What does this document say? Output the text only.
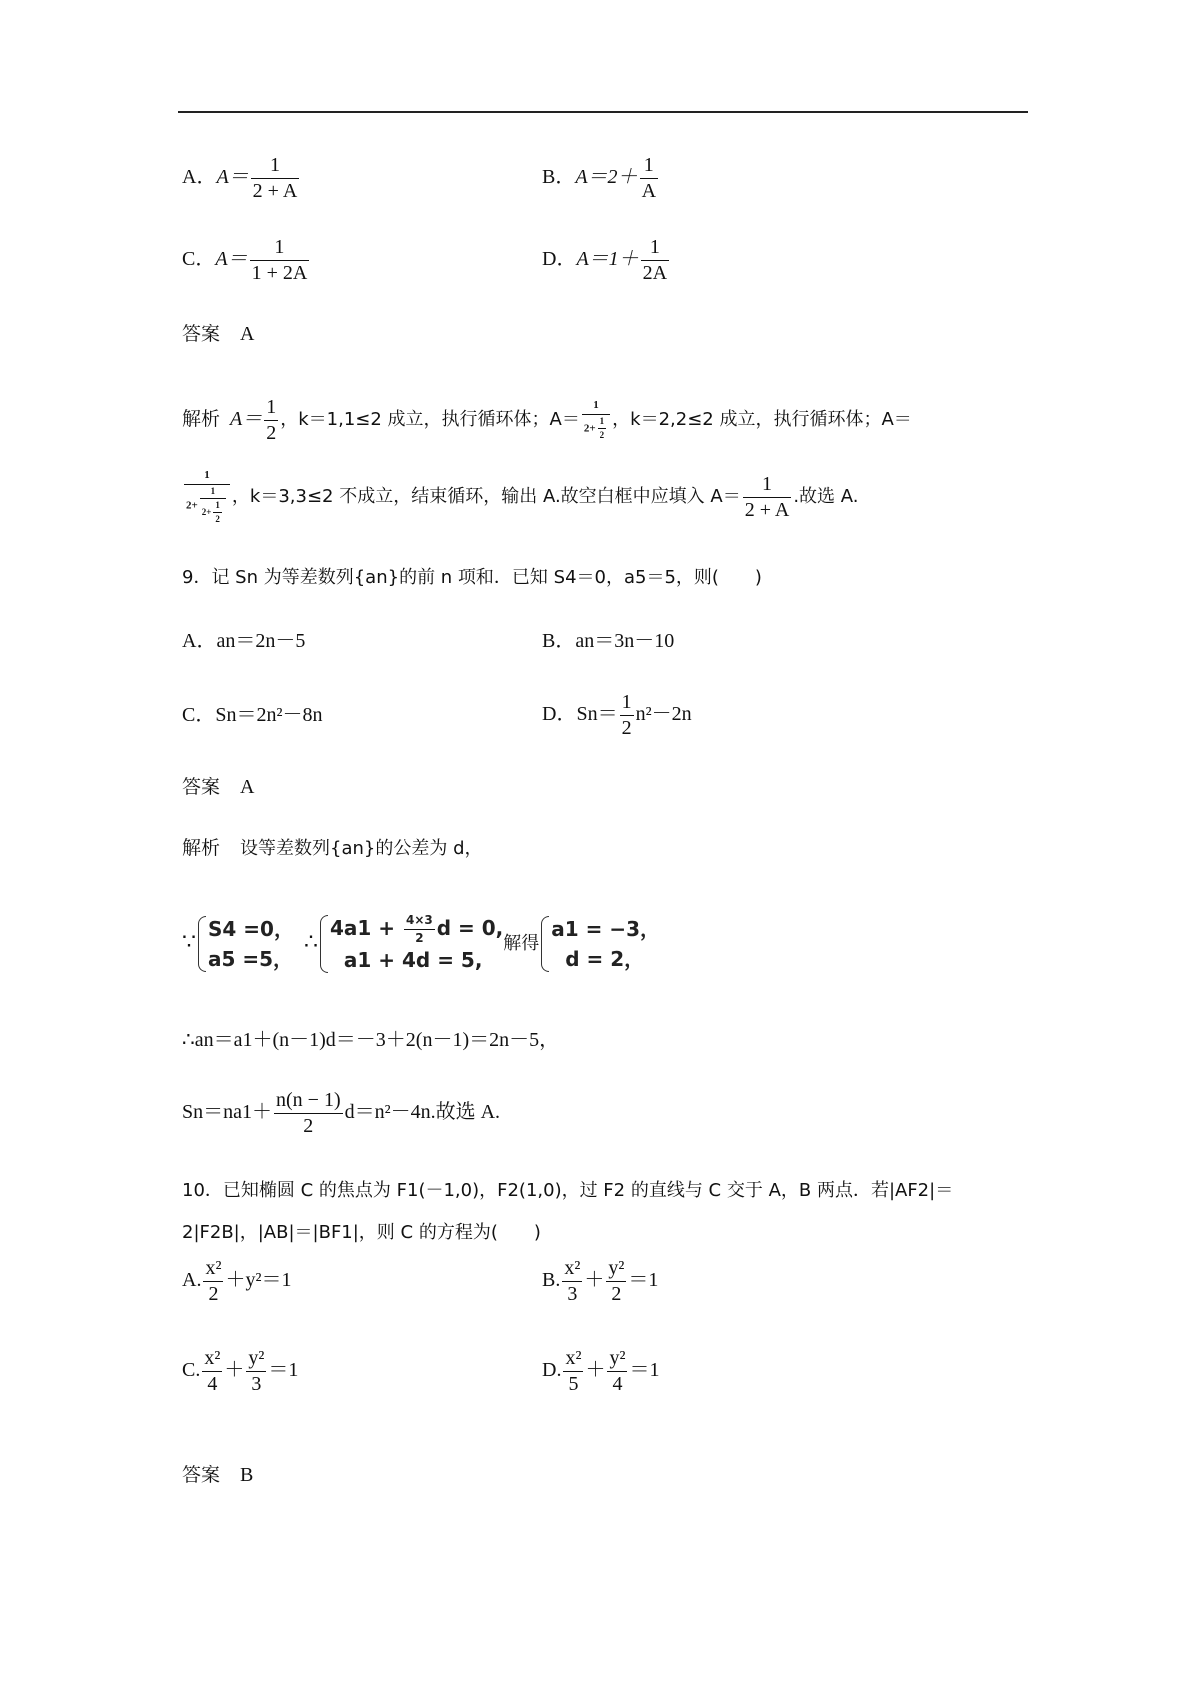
A．$A= \frac{1}{2 + A}$	B．$A=2+ \frac{1}{A}$
C．$A= \frac{1}{1 + 2A}$	D．$A=1+ \frac{1}{2A}$
答案 A
解析 $A= \frac{1}{2}$ ，k＝1,1≤2 成立，执行循环体；$A= \frac{1}{2+ \frac{1}{2}}$ ，k＝2,2≤2 成立，执行循环体；A＝
$\frac{1}{2+ \frac{1}{2+ \frac{1}{2}}}$ ，k＝3,3≤2 不成立，结束循环，输出 A.故空白框中应填入 $A= \frac{1}{2 + A}$ .故选 A.
9．记 Sn 为等差数列{an}的前 n 项和．已知 S4＝0，a5＝5，则(　　)
A．an＝2n－5	B．an＝3n－10
C．Sn＝2n²－8n	D．$Sn= \frac{1}{2} n^2-2n$
答案 A
解析 设等差数列{an}的公差为 d，
∵
S4 =0，
a5 =5，
∴
$4a1 + \frac{4\times 3}{2}$ d = 0,
a1 + 4d = 5,
解得
a1 = −3，
d = 2，
∴an＝a1＋(n－1)d＝－3＋2(n－1)＝2n－5，
$Sn=na1+ \frac{n(n - 1)}{2} d=n^2-4n$.故选 A.
10．已知椭圆 C 的焦点为 F1(－1,0)，F2(1,0)，过 F2 的直线与 C 交于 A，B 两点．若|AF2|＝
2|F2B|，|AB|＝|BF1|，则 C 的方程为(　　)
A. $\frac{\text{x²}}{2} +y^2=1$	B. $\frac{\text{x²}}{3} + \frac{\text{y²}}{2} =1$
C. $\frac{\text{x²}}{4} + \frac{\text{y²}}{3} =1$	D. $\frac{\text{x²}}{5} + \frac{\text{y²}}{4} =1$
答案 B
